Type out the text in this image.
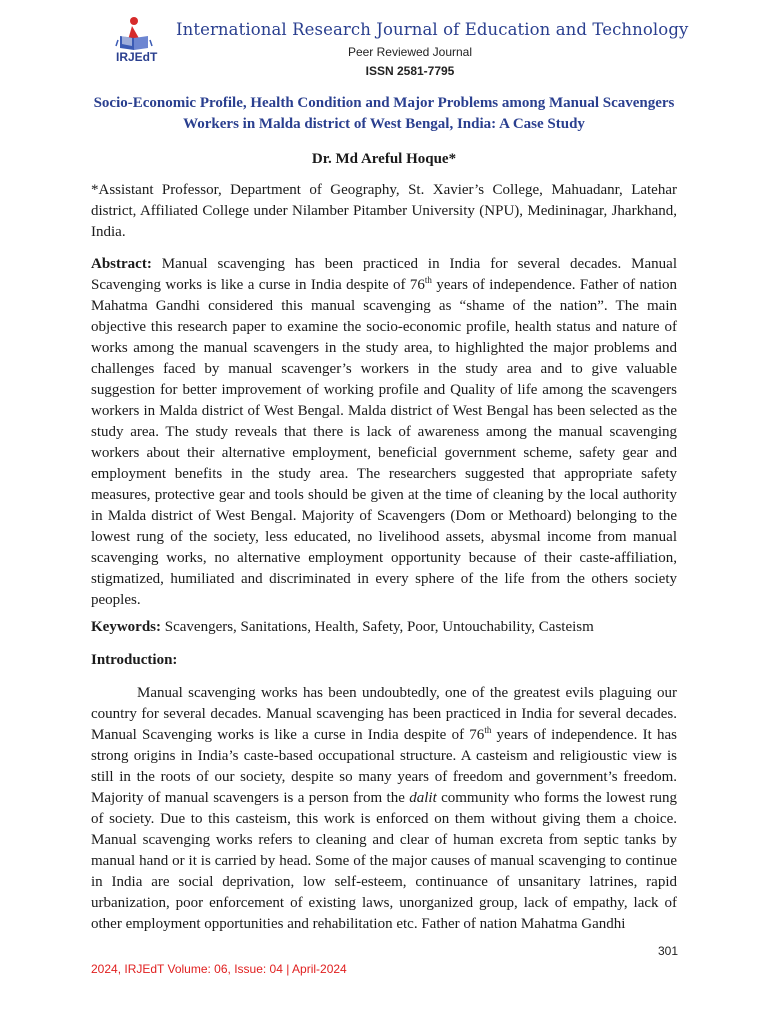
IRJEdT
International Research Journal of Education and Technology
Peer Reviewed Journal
ISSN 2581-7795
Socio-Economic Profile, Health Condition and Major Problems among Manual Scavengers
Workers in Malda district of West Bengal, India: A Case Study
Dr. Md Areful Hoque*
*Assistant Professor, Department of Geography, St. Xavier’s College, Mahuadanr, Latehar district, Affiliated College under Nilamber Pitamber University (NPU), Medininagar, Jharkhand, India.
Abstract: Manual scavenging has been practiced in India for several decades. Manual Scavenging works is like a curse in India despite of 76th years of independence. Father of nation Mahatma Gandhi considered this manual scavenging as “shame of the nation”. The main objective this research paper to examine the socio-economic profile, health status and nature of works among the manual scavengers in the study area, to highlighted the major problems and challenges faced by manual scavenger’s workers in the study area and to give valuable suggestion for better improvement of working profile and Quality of life among the scavengers workers in Malda district of West Bengal. Malda district of West Bengal has been selected as the study area. The study reveals that there is lack of awareness among the manual scavenging workers about their alternative employment, beneficial government scheme, safety gear and employment benefits in the study area. The researchers suggested that appropriate safety measures, protective gear and tools should be given at the time of cleaning by the local authority in Malda district of West Bengal. Majority of Scavengers (Dom or Methoard) belonging to the lowest rung of the society, less educated, no livelihood assets, abysmal income from manual scavenging works, no alternative employment opportunity because of their caste-affiliation, stigmatized, humiliated and discriminated in every sphere of the life from the others society peoples.
Keywords: Scavengers, Sanitations, Health, Safety, Poor, Untouchability, Casteism
Introduction:
Manual scavenging works has been undoubtedly, one of the greatest evils plaguing our country for several decades. Manual scavenging has been practiced in India for several decades. Manual Scavenging works is like a curse in India despite of 76th years of independence. It has strong origins in India’s caste-based occupational structure. A casteism and religioustic view is still in the roots of our society, despite so many years of freedom and government’s freedom. Majority of manual scavengers is a person from the dalit community who forms the lowest rung of society. Due to this casteism, this work is enforced on them without giving them a choice. Manual scavenging works refers to cleaning and clear of human excreta from septic tanks by manual hand or it is carried by head. Some of the major causes of manual scavenging to continue in India are social deprivation, low self-esteem, continuance of unsanitary latrines, rapid urbanization, poor enforcement of existing laws, unorganized group, lack of empathy, lack of other employment opportunities and rehabilitation etc. Father of nation Mahatma Gandhi
301
2024, IRJEdT Volume: 06, Issue: 04 | April-2024
